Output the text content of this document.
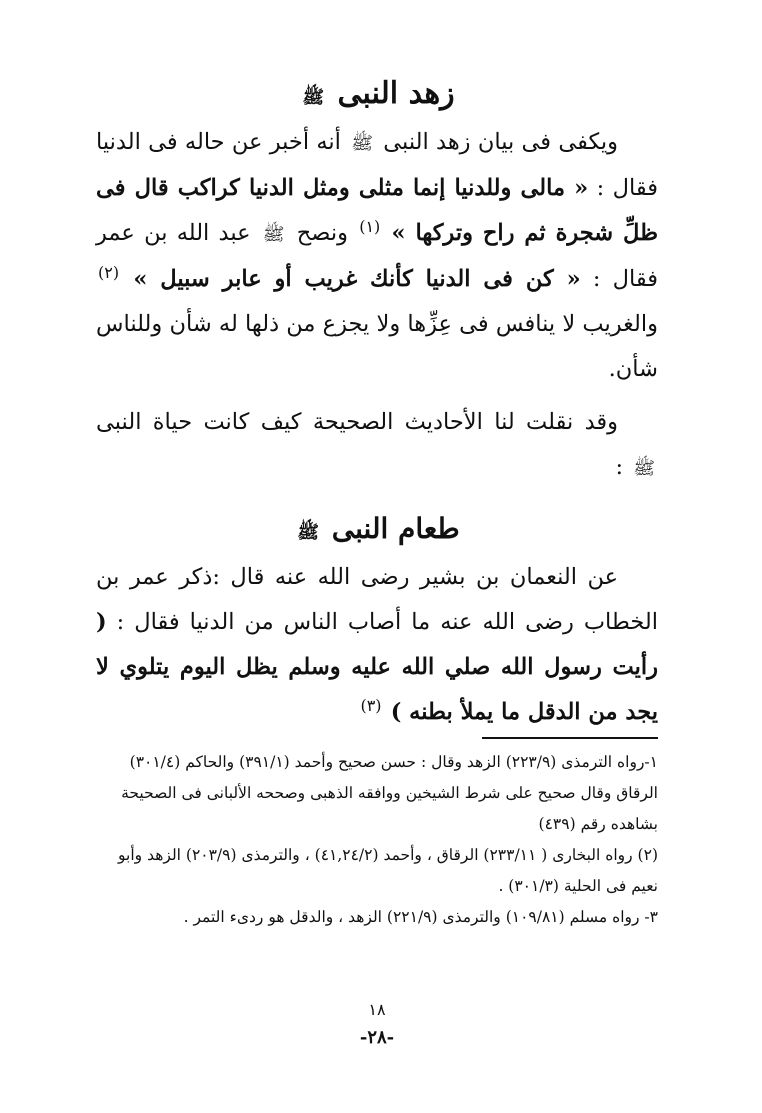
زهد النبى ﷺ
ويكفى فى بيان زهد النبى ﷺ أنه أخبر عن حاله فى الدنيا فقال : « مالى وللدنيا إنما مثلى ومثل الدنيا كراكب قال فى ظلِّ شجرة ثم راح وتركها » $^{(١)}$ ونصح ﷺ عبد الله بن عمر فقال : « كن فى الدنيا كأنك غريب أو عابر سبيل » $^{(٢)}$ والغريب لا ينافس فى عِزِّها ولا يجزع من ذلها له شأن وللناس شأن.
وقد نقلت لنا الأحاديث الصحيحة كيف كانت حياة النبى ﷺ :
طعام النبى ﷺ
عن النعمان بن بشير رضى الله عنه قال :ذكر عمر بن الخطاب رضى الله عنه ما أصاب الناس من الدنيا فقال : ( رأيت رسول الله صلي الله عليه وسلم يظل اليوم يتلوي لا يجد من الدقل ما يملأ بطنه ) $^{(٣)}$

١-رواه الترمذى (٢٢٣/٩) الزهد وقال : حسن صحيح وأحمد (٣٩١/١) والحاكم (٣٠١/٤) الرقاق وقال صحيح على شرط الشيخين ووافقه الذهبى وصححه الألبانى فى الصحيحة بشاهده رقم (٤٣٩)

(٢) رواه البخارى ( ٢٣٣/١١) الرقاق ، وأحمد (٤١,٢٤/٢) ، والترمذى (٢٠٣/٩) الزهد وأبو نعيم فى الحلية (٣٠١/٣) .

٣- رواه مسلم (١٠٩/٨١) والترمذى (٢٢١/٩) الزهد ، والدقل هو ردىء التمر .

١٨
-٢٨-
